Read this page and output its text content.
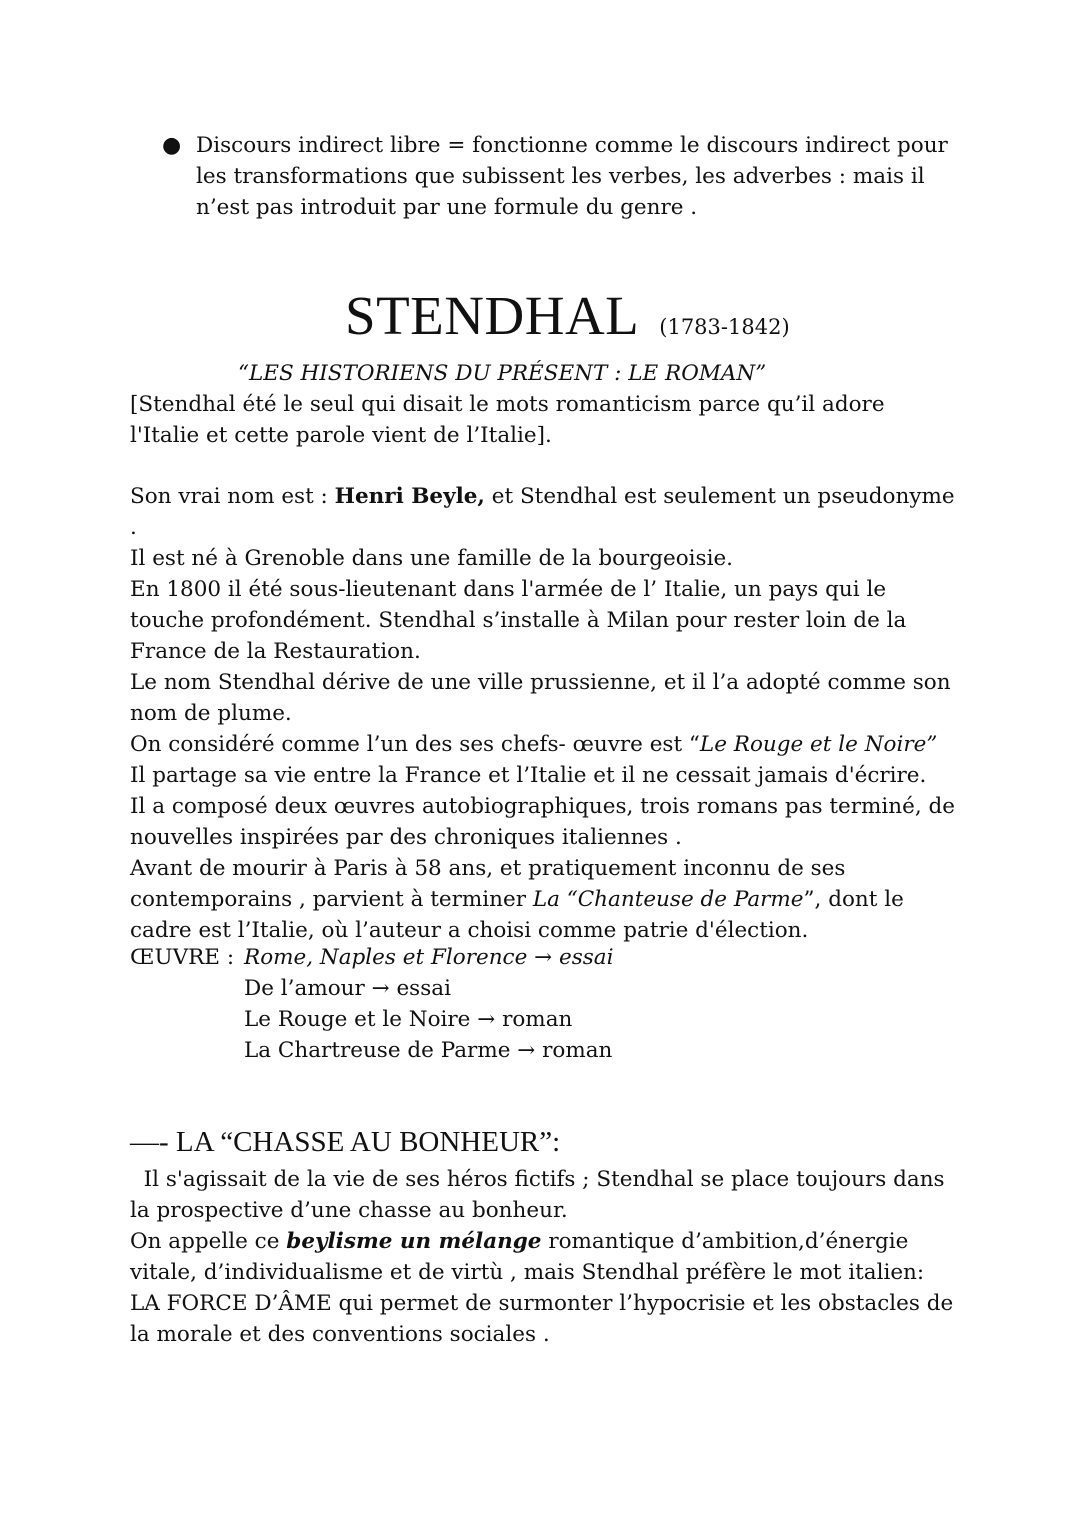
● Discours indirect libre = fonctionne comme le discours indirect pour les transformations que subissent les verbes, les adverbes : mais il n’est pas introduit par une formule du genre .
STENDHAL (1783-1842)
“LES HISTORIENS DU PRÉSENT : LE ROMAN”

[Stendhal été le seul qui disait le mots romanticism parce qu’il adore l'Italie et cette parole vient de l’Italie].

Son vrai nom est : Henri Beyle, et Stendhal est seulement un pseudonyme .

Il est né à Grenoble dans une famille de la bourgeoisie.

En 1800 il été sous-lieutenant dans l'armée de l’ Italie, un pays qui le touche profondément. Stendhal s’installe à Milan pour rester loin de la France de la Restauration.

Le nom Stendhal dérive de une ville prussienne, et il l’a adopté comme son nom de plume.

On considéré comme l’un des ses chefs- œuvre est “Le Rouge et le Noire”

Il partage sa vie entre la France et l’Italie et il ne cessait jamais d'écrire.

Il a composé deux œuvres autobiographiques, trois romans pas terminé, de nouvelles inspirées par des chroniques italiennes .

Avant de mourir à Paris à 58 ans, et pratiquement inconnu de ses contemporains , parvient à terminer La “Chanteuse de Parme”, dont le cadre est l’Italie, où l’auteur a choisi comme patrie d'élection.

ŒUVRE : Rome, Naples et Florence → essai
De l’amour → essai
Le Rouge et le Noire → roman
La Chartreuse de Parme → roman
—- LA “CHASSE AU BONHEUR”:

Il s'agissait de la vie de ses héros fictifs ; Stendhal se place toujours dans la prospective d’une chasse au bonheur.

On appelle ce beylisme un mélange romantique d’ambition,d’énergie vitale, d’individualisme et de virtù , mais Stendhal préfère le mot italien: LA FORCE D’ÂME qui permet de surmonter l’hypocrisie et les obstacles de la morale et des conventions sociales .
